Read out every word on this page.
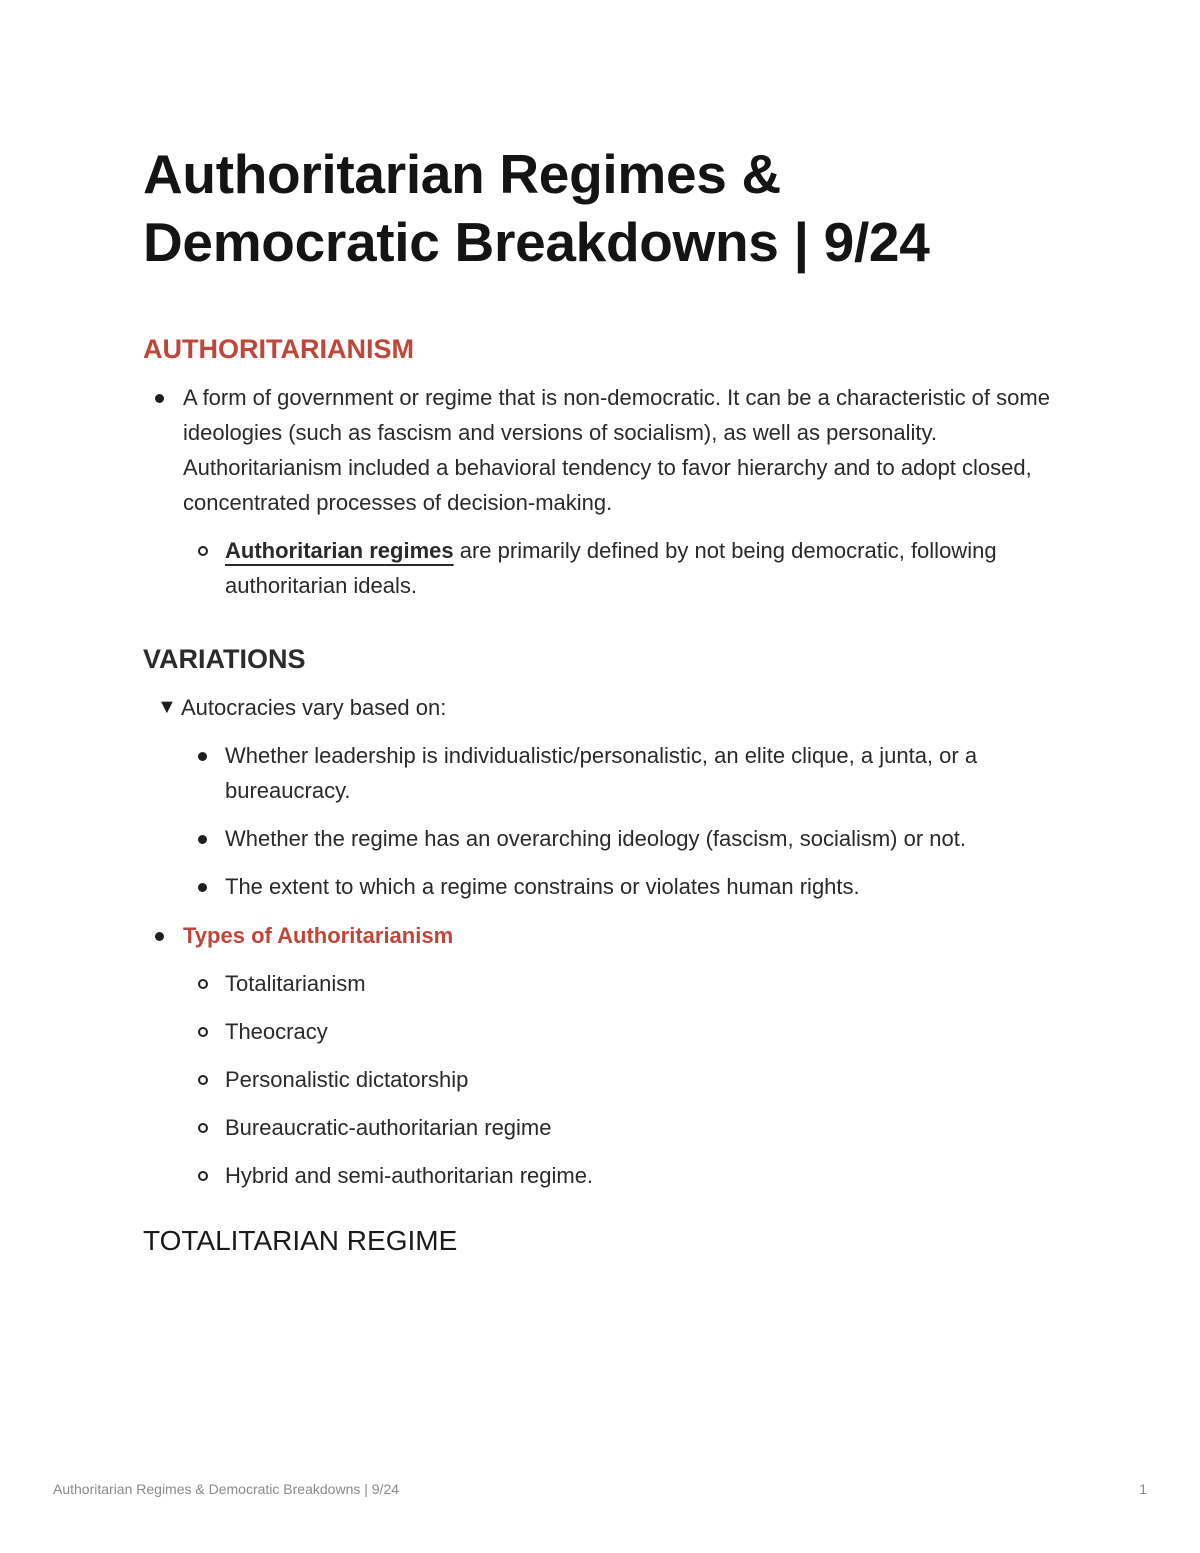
Authoritarian Regimes &
Democratic Breakdowns | 9/24
AUTHORITARIANISM
A form of government or regime that is non-democratic. It can be a characteristic of some ideologies (such as fascism and versions of socialism), as well as personality. Authoritarianism included a behavioral tendency to favor hierarchy and to adopt closed, concentrated processes of decision-making.
Authoritarian regimes are primarily defined by not being democratic, following authoritarian ideals.
VARIATIONS
▼ Autocracies vary based on:
Whether leadership is individualistic/personalistic, an elite clique, a junta, or a bureaucracy.
Whether the regime has an overarching ideology (fascism, socialism) or not.
The extent to which a regime constrains or violates human rights.
Types of Authoritarianism
Totalitarianism
Theocracy
Personalistic dictatorship
Bureaucratic-authoritarian regime
Hybrid and semi-authoritarian regime.
TOTALITARIAN REGIME
Authoritarian Regimes & Democratic Breakdowns | 9/24	1
